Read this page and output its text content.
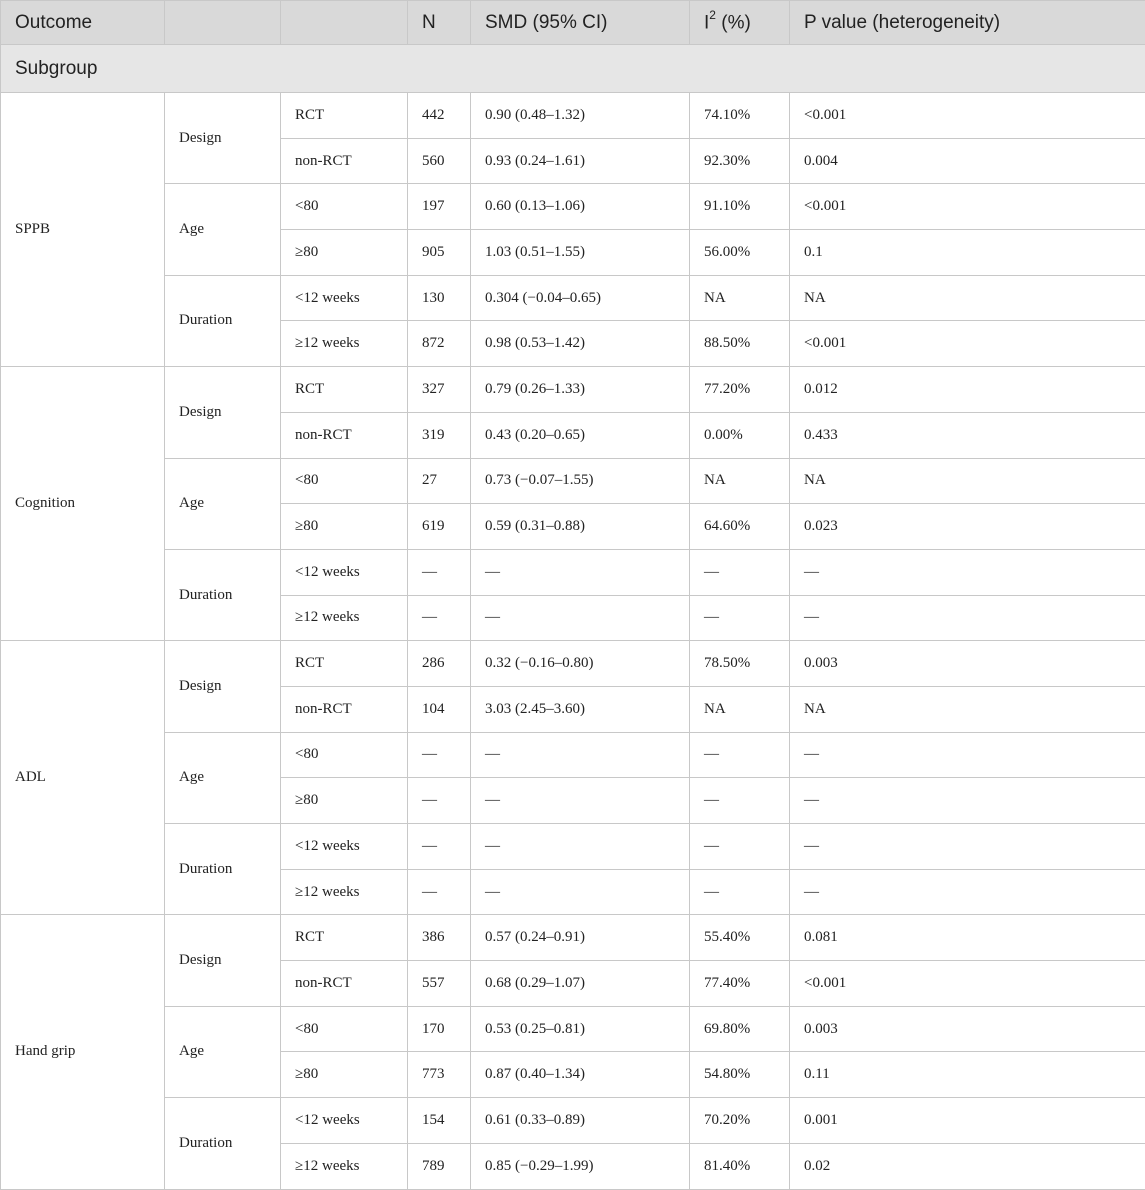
Outcome			N	SMD (95% CI)	$I^2$ (%)	P value (heterogeneity)
Subgroup						
SPPB	Design	RCT	442	0.90 (0.48–1.32)	74.10%	<0.001
		non-RCT	560	0.93 (0.24–1.61)	92.30%	0.004
	Age	<80	197	0.60 (0.13–1.06)	91.10%	<0.001
		≥80	905	1.03 (0.51–1.55)	56.00%	0.1
	Duration	<12 weeks	130	0.304 (−0.04–0.65)	NA	NA
		≥12 weeks	872	0.98 (0.53–1.42)	88.50%	<0.001
Cognition	Design	RCT	327	0.79 (0.26–1.33)	77.20%	0.012
		non-RCT	319	0.43 (0.20–0.65)	0.00%	0.433
	Age	<80	27	0.73 (−0.07–1.55)	NA	NA
		≥80	619	0.59 (0.31–0.88)	64.60%	0.023
	Duration	<12 weeks	—	—	—	—
		≥12 weeks	—	—	—	—
ADL	Design	RCT	286	0.32 (−0.16–0.80)	78.50%	0.003
		non-RCT	104	3.03 (2.45–3.60)	NA	NA
	Age	<80	—	—	—	—
		≥80	—	—	—	—
	Duration	<12 weeks	—	—	—	—
		≥12 weeks	—	—	—	—
Hand grip	Design	RCT	386	0.57 (0.24–0.91)	55.40%	0.081
		non-RCT	557	0.68 (0.29–1.07)	77.40%	<0.001
	Age	<80	170	0.53 (0.25–0.81)	69.80%	0.003
		≥80	773	0.87 (0.40–1.34)	54.80%	0.11
	Duration	<12 weeks	154	0.61 (0.33–0.89)	70.20%	0.001
		≥12 weeks	789	0.85 (−0.29–1.99)	81.40%	0.02
